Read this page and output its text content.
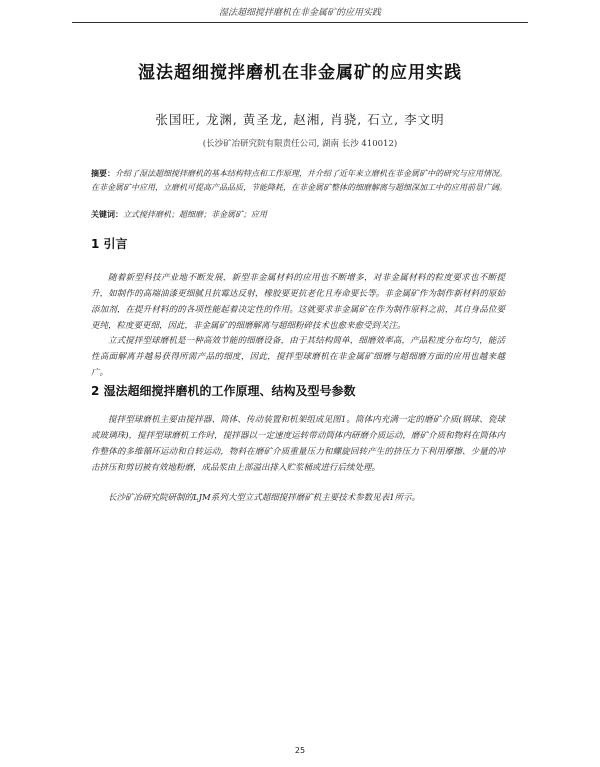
湿法超细搅拌磨机在非金属矿的应用实践
湿法超细搅拌磨机在非金属矿的应用实践
张国旺, 龙渊, 黄圣龙, 赵湘, 肖骁, 石立, 李文明
(长沙矿冶研究院有限责任公司, 湖南 长沙 410012)
摘要：介绍了湿法超细搅拌磨机的基本结构特点和工作原理，并介绍了近年来立磨机在非金属矿中的研究与应用情况。在非金属矿中应用，立磨机可提高产品品质，节能降耗，在非金属矿整体的细磨解离与超细深加工中的应用前景广阔。
关键词：立式搅拌磨机；超细磨；非金属矿；应用
1 引言
随着新型科技产业地不断发展，新型非金属材料的应用也不断增多，对非金属材料的粒度要求也不断提升，如制作的高端油漆更细腻且抗霉达反射，橡胶要更抗老化且寿命要长等。非金属矿作为制作新材料的原始添加剂，在提升材料的的各项性能起着决定性的作用。这就要求非金属矿在作为制作原料之前，其自身品位要更纯，粒度要更细，因此，非金属矿的细磨解离与超细粉碎技术也愈来愈受到关注。
立式搅拌型球磨机是一种高效节能的细磨设备，由于其结构简单，细磨效率高，产品粒度分布均匀，能活性高面解离并越易获得所需产品的细度，因此，搅拌型球磨机在非金属矿细磨与超细磨方面的应用也越来越广。
2 湿法超细搅拌磨机的工作原理、结构及型号参数
搅拌型球磨机主要由搅拌器、筒体、传动装置和机架组成见图1。筒体内充满一定的磨矿介质(钢球、瓷球或玻璃珠)，搅拌型球磨机工作时，搅拌器以一定速度运转带动筒体内研磨介质运动，磨矿介质和物料在筒体内作整体的多维循环运动和自转运动，物料在磨矿介质重量压力和螺旋回转产生的挤压力下利用摩擦、少量的冲击挤压和剪切被有效地粉磨，成品浆由上部溢出排入贮浆桶或进行后续处理。
长沙矿冶研究院研制的LJM系列大型立式超细搅拌磨矿机主要技术参数见表1所示。
25
